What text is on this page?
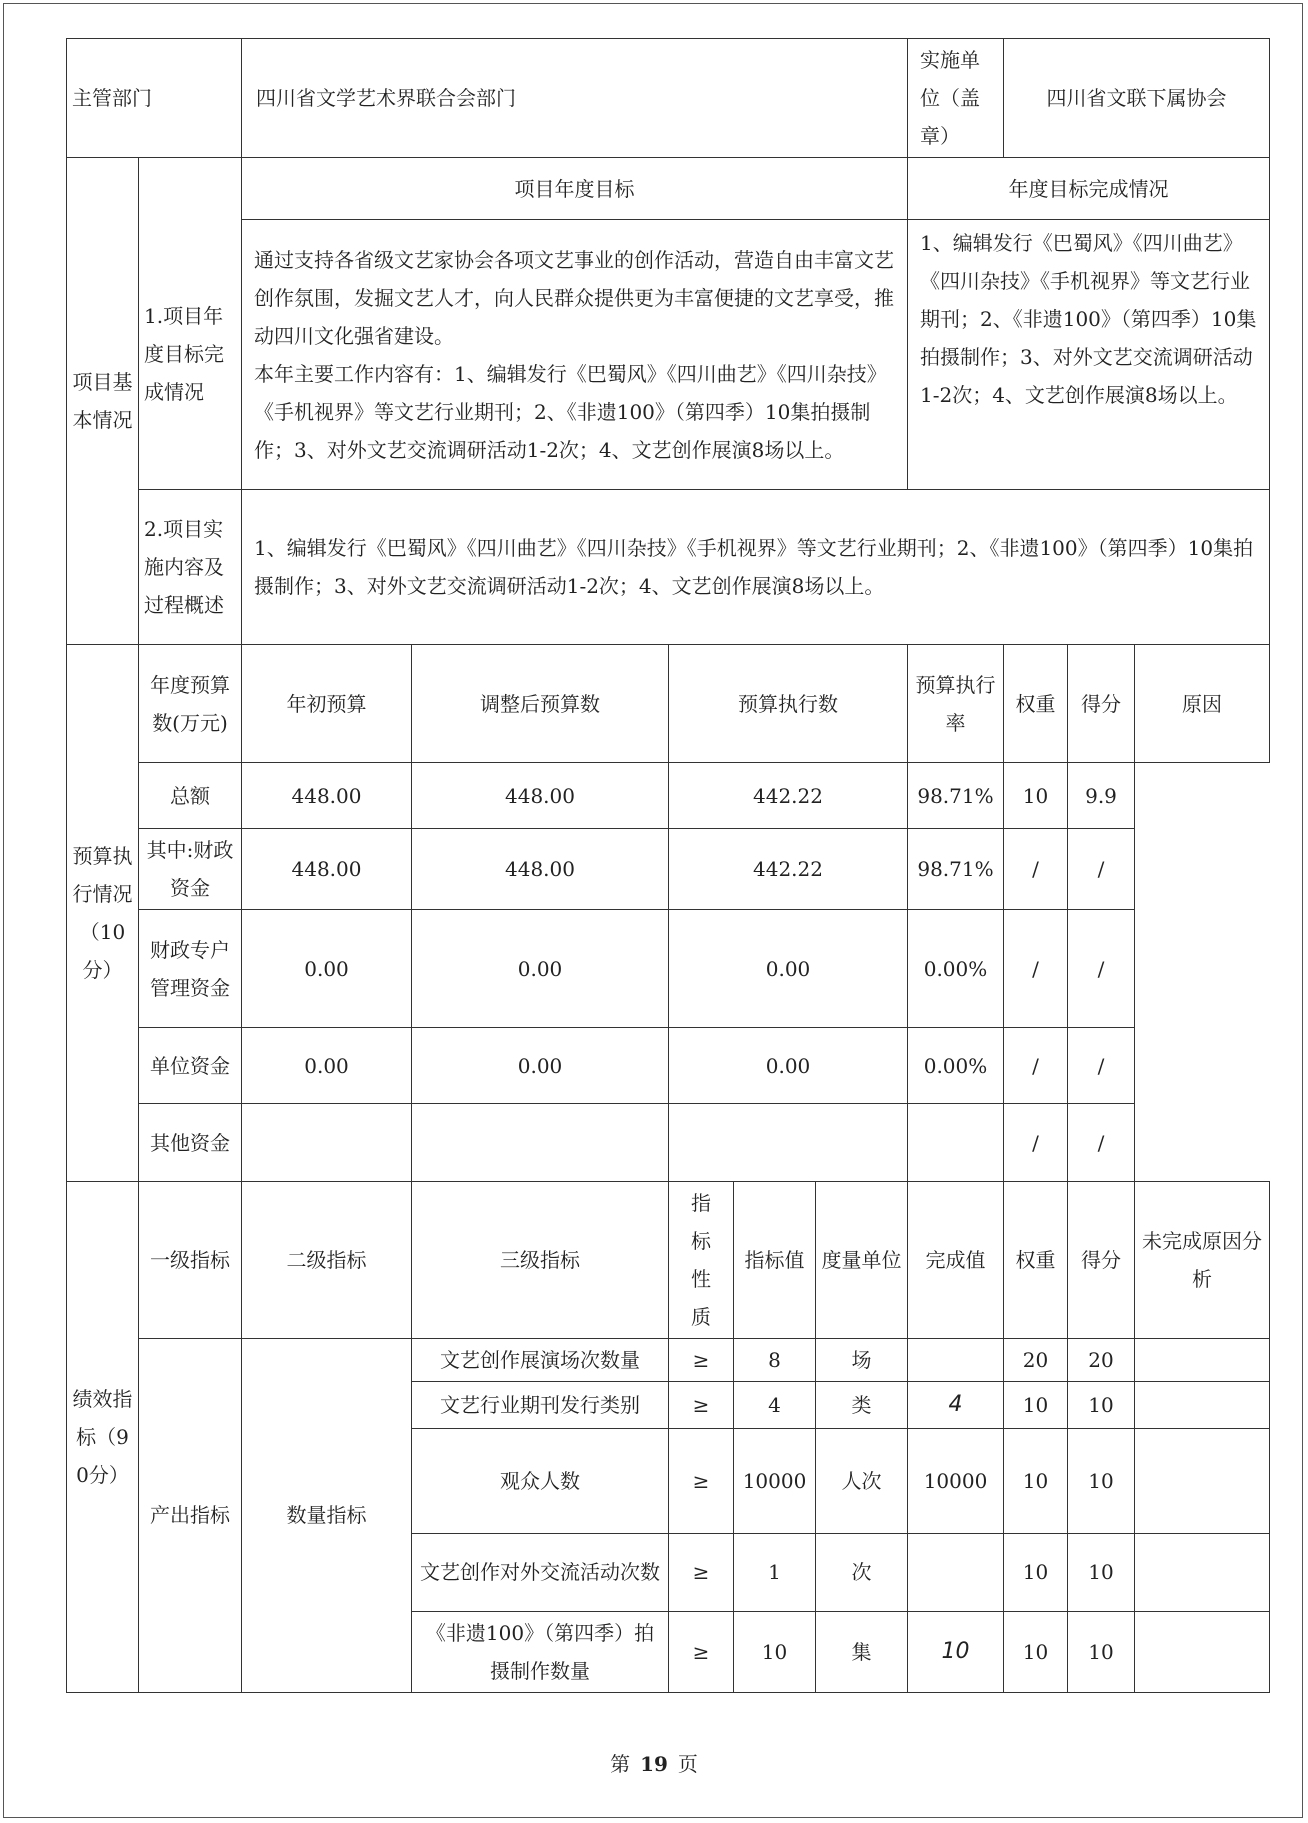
主管部门		四川省文学艺术界联合会部门					实施单位（盖章）	四川省文联下属协会		
项目基本情况		项目年度目标					年度目标完成情况			

	1.项目年度目标完成情况	通过支持各省级文艺家协会各项文艺事业的创作活动，营造自由丰富文艺创作氛围，发掘文艺人才，向人民群众提供更为丰富便捷的文艺享受，推动四川文化强省建设。
本年主要工作内容有：1、编辑发行《巴蜀风》《四川曲艺》《四川杂技》《手机视界》等文艺行业期刊；2、《非遗100》（第四季）10集拍摄制作；3、对外文艺交流调研活动1-2次；4、文艺创作展演8场以上。					1、编辑发行《巴蜀风》《四川曲艺》《四川杂技》《手机视界》等文艺行业期刊；2、《非遗100》（第四季）10集拍摄制作；3、对外文艺交流调研活动1-2次；4、文艺创作展演8场以上。			
	2.项目实施内容及过程概述	1、编辑发行《巴蜀风》《四川曲艺》《四川杂技》《手机视界》等文艺行业期刊；2、《非遗100》（第四季）10集拍摄制作；3、对外文艺交流调研活动1-2次；4、文艺创作展演8场以上。								
预算执行情况（10分）	年度预算数(万元)	年初预算	调整后预算数	预算执行数			预算执行率	权重	得分	原因
	总额	448.00	448.00	442.22			98.71%	10	9.9	
	其中:财政资金	448.00	448.00	442.22			98.71%	/	/	
	财政专户管理资金	0.00	0.00	0.00			0.00%	/	/	
	单位资金	0.00	0.00	0.00			0.00%	/	/	
	其他资金							/	/	
绩效指标（90分）	一级指标	二级指标	三级指标	指标性质	指标值	度量单位	完成值	权重	得分	未完成原因分析
	产出指标	数量指标	文艺创作展演场次数量	≥	8	场		20	20	
			文艺行业期刊发行类别	≥	4	类	4	10	10	
			观众人数	≥	10000	人次	10000	10	10	
			文艺创作对外交流活动次数	≥	1	次		10	10	
			《非遗100》（第四季）拍摄制作数量	≥	10	集	10	10	10	
第 19 页
